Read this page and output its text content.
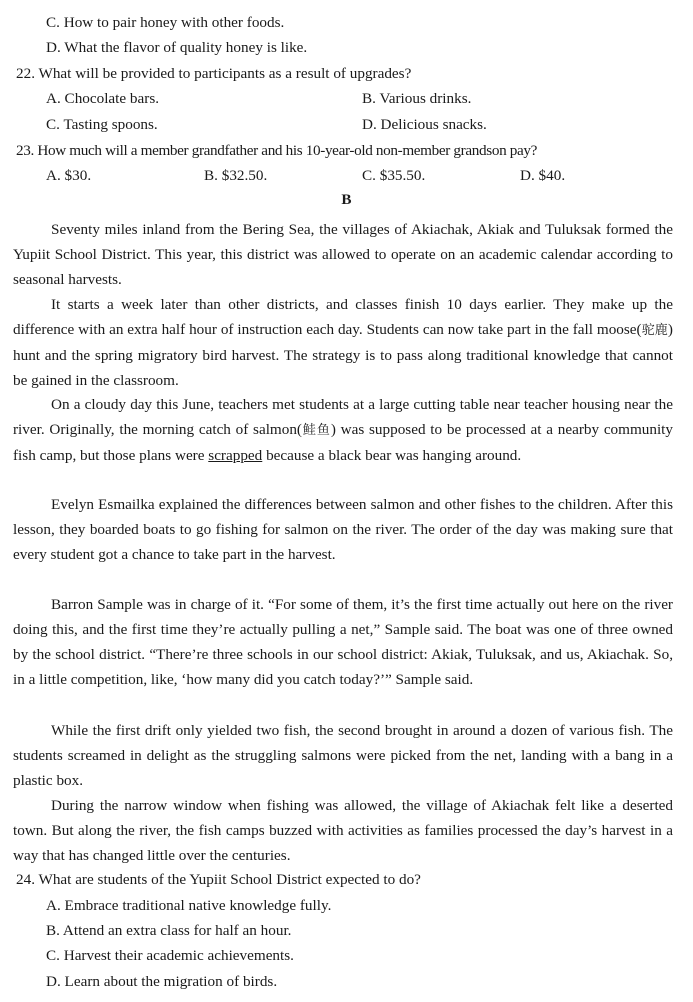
C. How to pair honey with other foods.
D. What the flavor of quality honey is like.
22. What will be provided to participants as a result of upgrades?
A. Chocolate bars.	B. Various drinks.
C. Tasting spoons.	D. Delicious snacks.
23. How much will a member grandfather and his 10-year-old non-member grandson pay?
A. $30.	B. $32.50.	C. $35.50.	D. $40.
B

Seventy miles inland from the Bering Sea, the villages of Akiachak, Akiak and Tuluksak formed the Yupiit School District. This year, this district was allowed to operate on an academic calendar according to seasonal harvests.

It starts a week later than other districts, and classes finish 10 days earlier. They make up the difference with an extra half hour of instruction each day. Students can now take part in the fall moose(驼鹿) hunt and the spring migratory bird harvest. The strategy is to pass along traditional knowledge that cannot be gained in the classroom.

On a cloudy day this June, teachers met students at a large cutting table near teacher housing near the river. Originally, the morning catch of salmon(鲑鱼) was supposed to be processed at a nearby community fish camp, but those plans were scrapped because a black bear was hanging around.

Evelyn Esmailka explained the differences between salmon and other fishes to the children. After this lesson, they boarded boats to go fishing for salmon on the river. The order of the day was making sure that every student got a chance to take part in the harvest.

Barron Sample was in charge of it. “For some of them, it’s the first time actually out here on the river doing this, and the first time they’re actually pulling a net,” Sample said. The boat was one of three owned by the school district. “There’re three schools in our school district: Akiak, Tuluksak, and us, Akiachak. So, in a little competition, like, ‘how many did you catch today?’” Sample said.

While the first drift only yielded two fish, the second brought in around a dozen of various fish. The students screamed in delight as the struggling salmons were picked from the net, landing with a bang in a plastic box.

During the narrow window when fishing was allowed, the village of Akiachak felt like a deserted town. But along the river, the fish camps buzzed with activities as families processed the day’s harvest in a way that has changed little over the centuries.

24. What are students of the Yupiit School District expected to do?
A. Embrace traditional native knowledge fully.
B. Attend an extra class for half an hour.
C. Harvest their academic achievements.
D. Learn about the migration of birds.
